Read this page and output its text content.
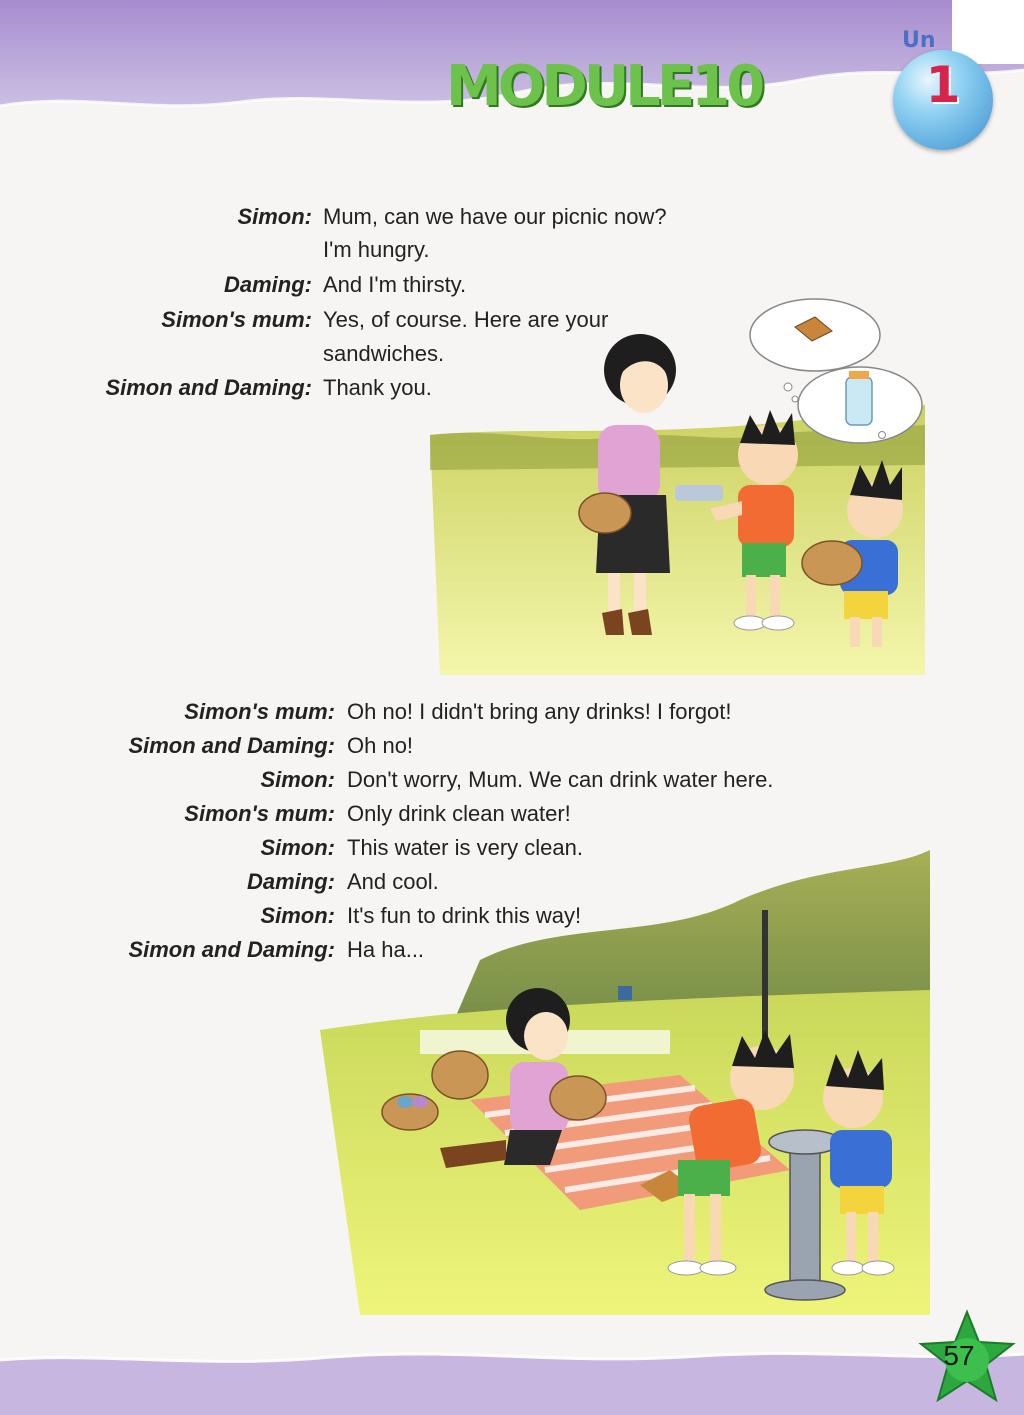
MODULE10
Un
1
Simon: Mum, can we have our picnic now?
I'm hungry.
Daming: And I'm thirsty.
Simon's mum: Yes, of course. Here are your
sandwiches.
Simon and Daming: Thank you.
Simon's mum: Oh no! I didn't bring any drinks! I forgot!
Simon and Daming: Oh no!
Simon: Don't worry, Mum. We can drink water here.
Simon's mum: Only drink clean water!
Simon: This water is very clean.
Daming: And cool.
Simon: It's fun to drink this way!
Simon and Daming: Ha ha...
57
